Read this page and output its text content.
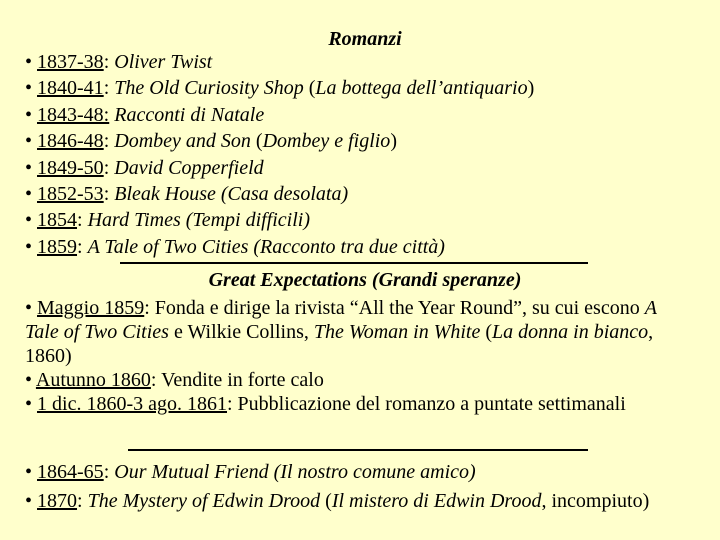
Romanzi
• 1837-38: Oliver Twist
• 1840-41: The Old Curiosity Shop (La bottega dell’antiquario)
• 1843-48: Racconti di Natale
• 1846-48: Dombey and Son (Dombey e figlio)
• 1849-50: David Copperfield
• 1852-53: Bleak House (Casa desolata)
• 1854: Hard Times (Tempi difficili)
• 1859: A Tale of Two Cities (Racconto tra due città)
Great Expectations (Grandi speranze)
• Maggio 1859: Fonda e dirige la rivista “All the Year Round”, su cui escono A Tale of Two Cities e Wilkie Collins, The Woman in White (La donna in bianco, 1860)
• Autunno 1860: Vendite in forte calo
• 1 dic. 1860-3 ago. 1861: Pubblicazione del romanzo a puntate settimanali
• 1864-65: Our Mutual Friend (Il nostro comune amico)
• 1870: The Mystery of Edwin Drood (Il mistero di Edwin Drood, incompiuto)
